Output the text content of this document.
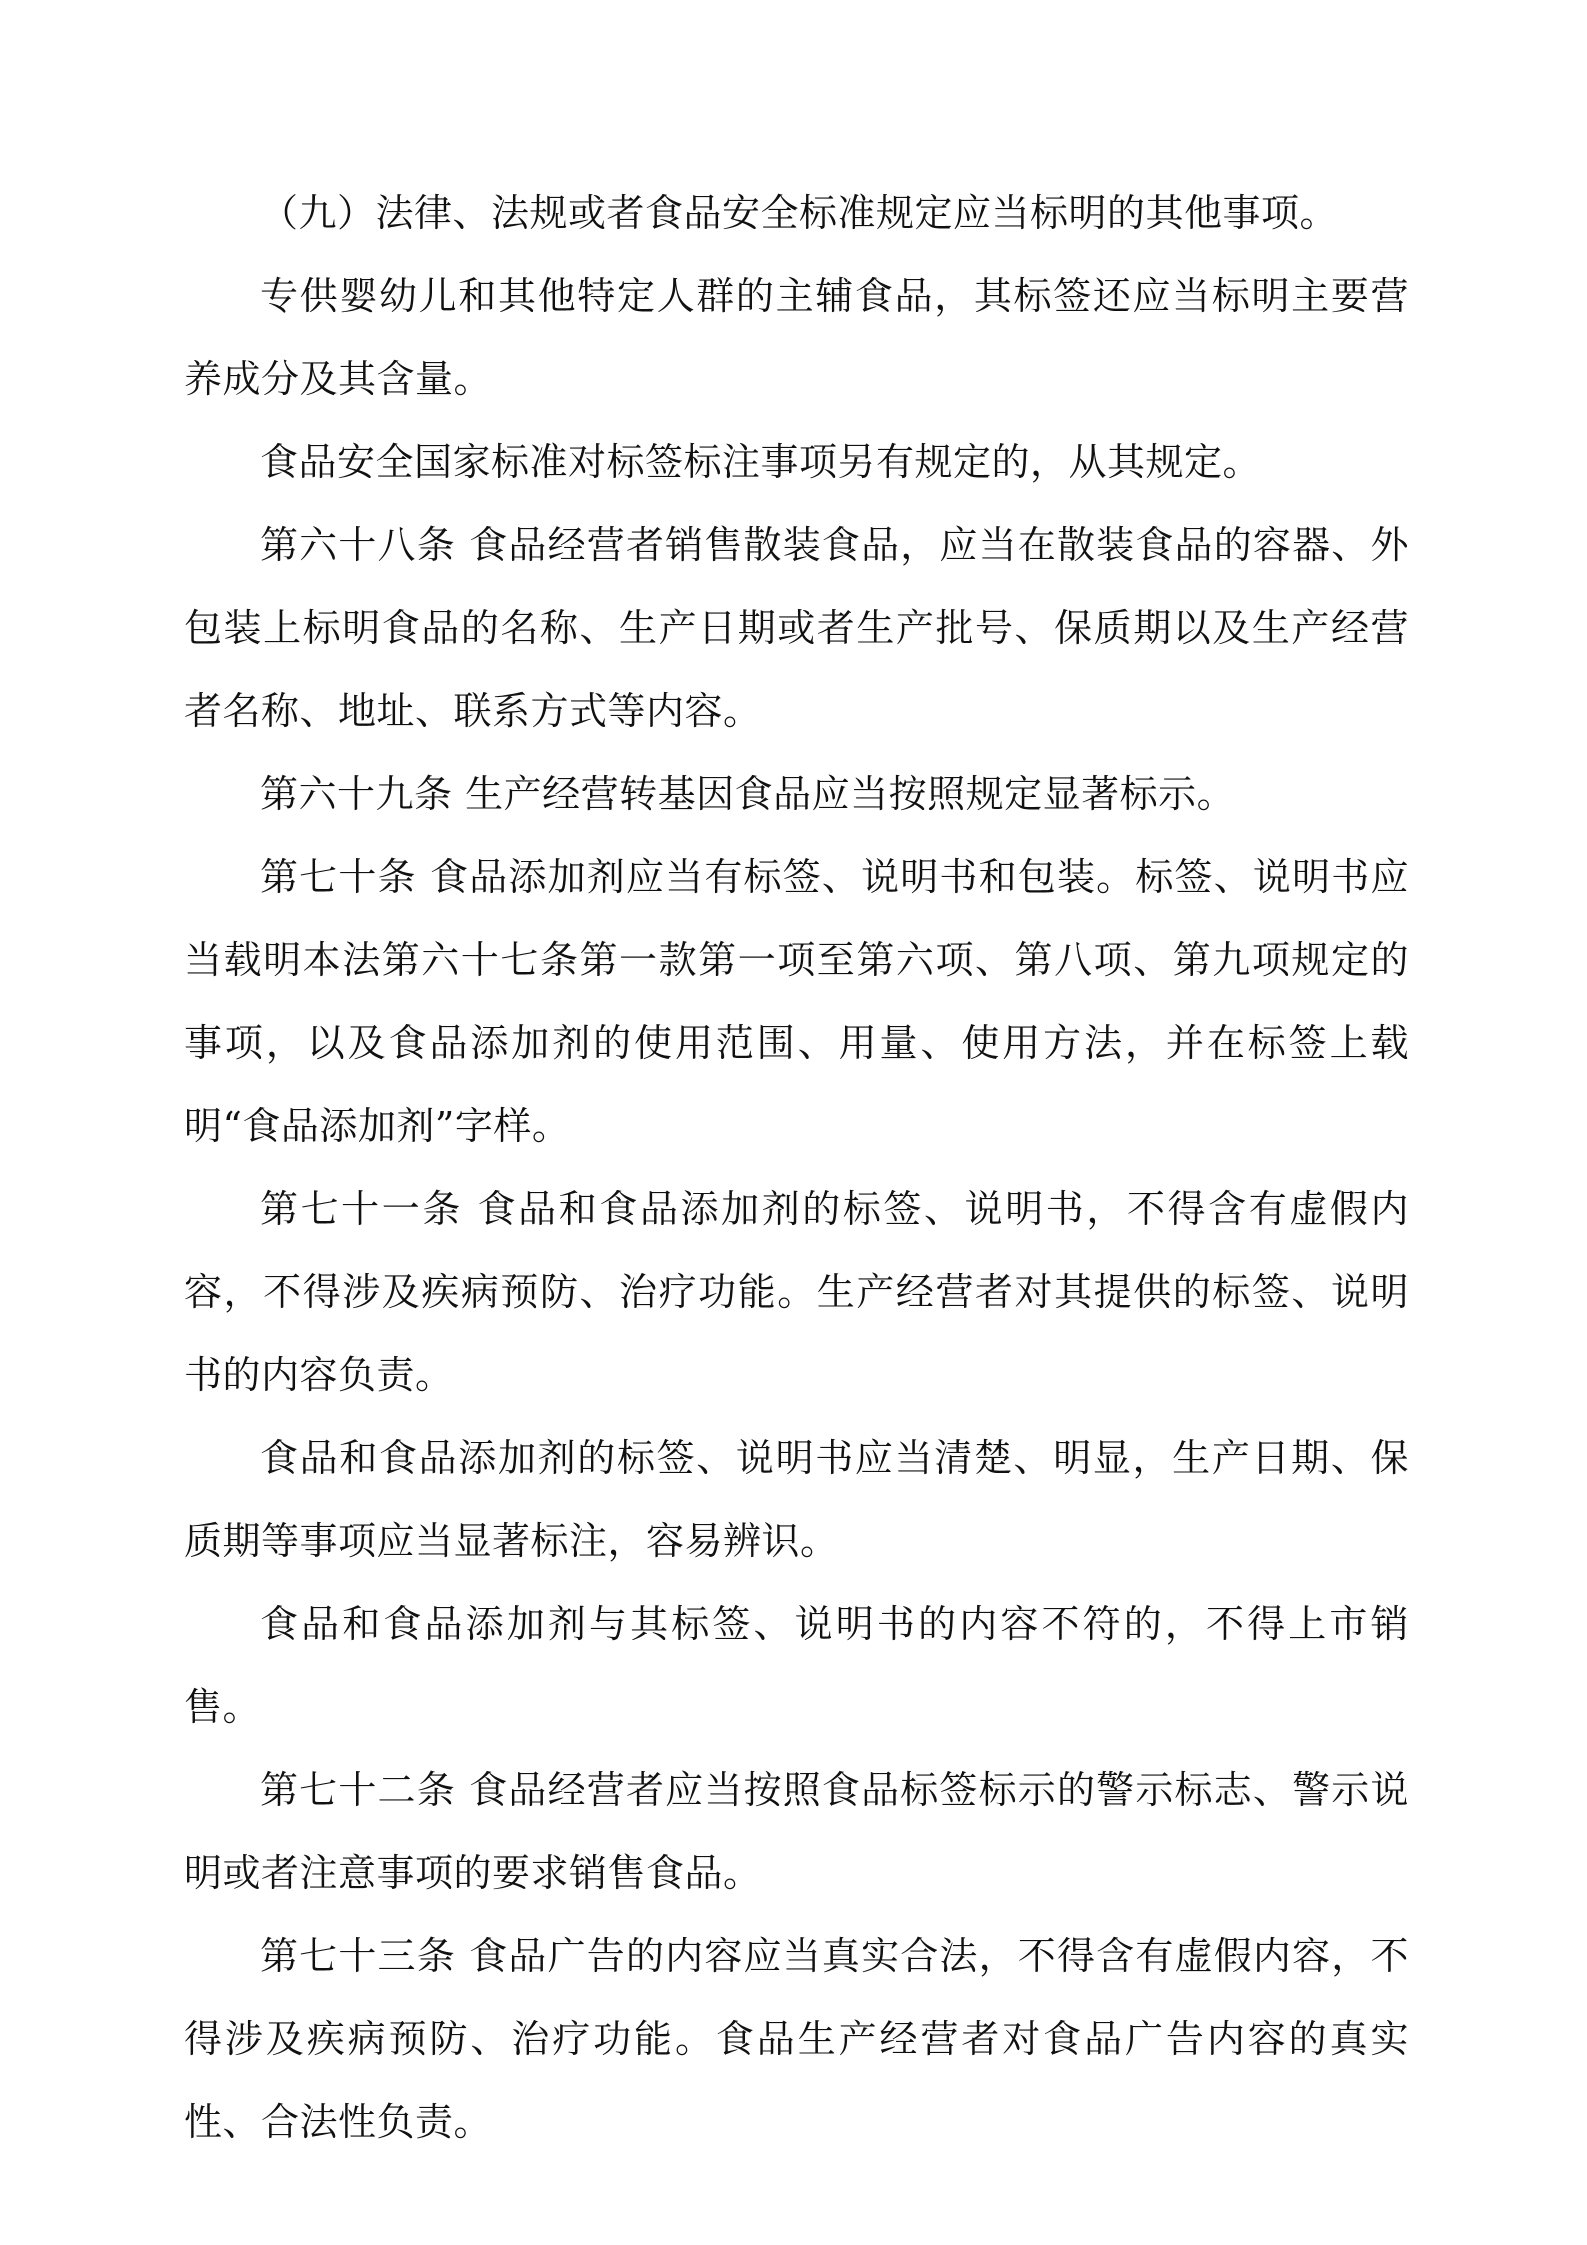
（九）法律、法规或者食品安全标准规定应当标明的其他事项。

专供婴幼儿和其他特定人群的主辅食品，其标签还应当标明主要营养成分及其含量。

食品安全国家标准对标签标注事项另有规定的，从其规定。

第六十八条 食品经营者销售散装食品，应当在散装食品的容器、外包装上标明食品的名称、生产日期或者生产批号、保质期以及生产经营者名称、地址、联系方式等内容。

第六十九条 生产经营转基因食品应当按照规定显著标示。

第七十条 食品添加剂应当有标签、说明书和包装。标签、说明书应当载明本法第六十七条第一款第一项至第六项、第八项、第九项规定的事项，以及食品添加剂的使用范围、用量、使用方法，并在标签上载明“食品添加剂”字样。

第七十一条 食品和食品添加剂的标签、说明书，不得含有虚假内容，不得涉及疾病预防、治疗功能。生产经营者对其提供的标签、说明书的内容负责。

食品和食品添加剂的标签、说明书应当清楚、明显，生产日期、保质期等事项应当显著标注，容易辨识。

食品和食品添加剂与其标签、说明书的内容不符的，不得上市销售。

第七十二条 食品经营者应当按照食品标签标示的警示标志、警示说明或者注意事项的要求销售食品。

第七十三条 食品广告的内容应当真实合法，不得含有虚假内容，不得涉及疾病预防、治疗功能。食品生产经营者对食品广告内容的真实性、合法性负责。
